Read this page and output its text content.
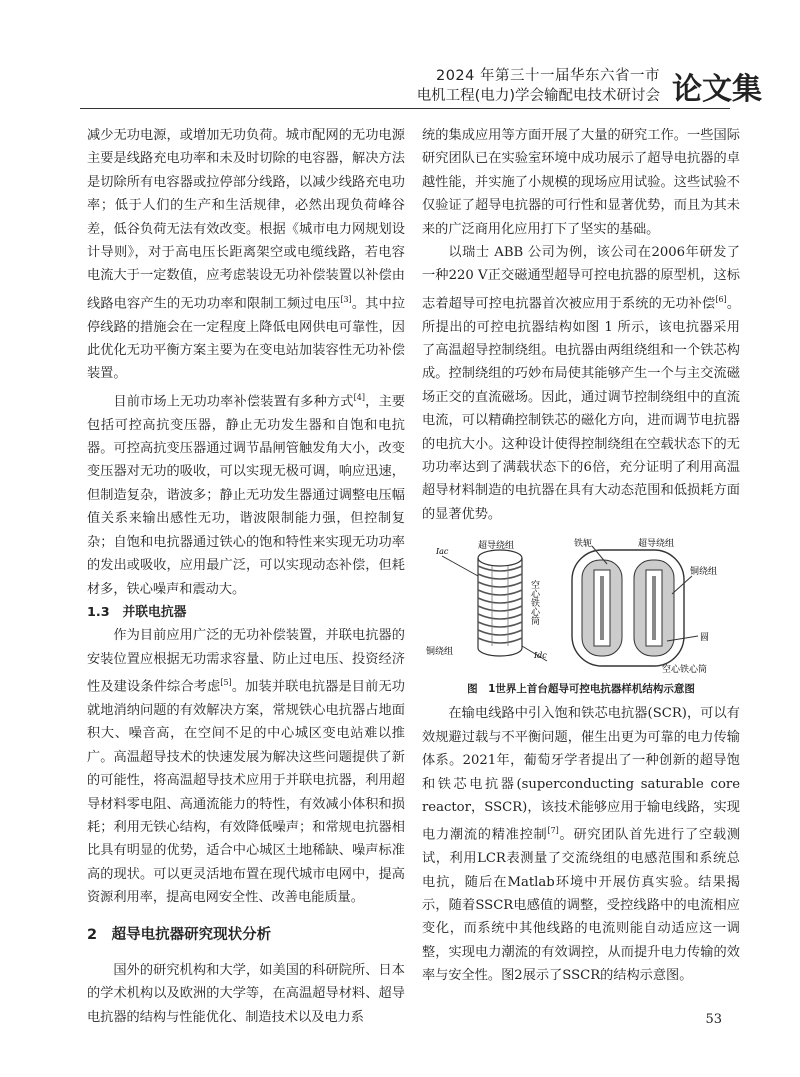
2024 年第三十一届华东六省一市
电机工程(电力)学会输配电技术研讨会 论文集

减少无功电源，或增加无功负荷。城市配网的无功电源主要是线路充电功率和未及时切除的电容器，解决方法是切除所有电容器或拉停部分线路，以减少线路充电功率；低于人们的生产和生活规律，必然出现负荷峰谷差，低谷负荷无法有效改变。根据《城市电力网规划设计导则》，对于高电压长距离架空或电缆线路，若电容电流大于一定数值，应考虑装设无功补偿装置以补偿由线路电容产生的无功功率和限制工频过电压[3]。其中拉停线路的措施会在一定程度上降低电网供电可靠性，因此优化无功平衡方案主要为在变电站加装容性无功补偿装置。

目前市场上无功功率补偿装置有多种方式[4]，主要包括可控高抗变压器，静止无功发生器和自饱和电抗器。可控高抗变压器通过调节晶闸管触发角大小，改变变压器对无功的吸收，可以实现无极可调，响应迅速，但制造复杂，谐波多；静止无功发生器通过调整电压幅值关系来输出感性无功，谐波限制能力强，但控制复杂；自饱和电抗器通过铁心的饱和特性来实现无功功率的发出或吸收，应用最广泛，可以实现动态补偿，但耗材多，铁心噪声和震动大。

1.3　并联电抗器

作为目前应用广泛的无功补偿装置，并联电抗器的安装位置应根据无功需求容量、防止过电压、投资经济性及建设条件综合考虑[5]。加装并联电抗器是目前无功就地消纳问题的有效解决方案，常规铁心电抗器占地面积大、噪音高，在空间不足的中心城区变电站难以推广。高温超导技术的快速发展为解决这些问题提供了新的可能性，将高温超导技术应用于并联电抗器，利用超导材料零电阻、高通流能力的特性，有效减小体积和损耗；利用无铁心结构，有效降低噪声；和常规电抗器相比具有明显的优势，适合中心城区土地稀缺、噪声标准高的现状。可以更灵活地布置在现代城市电网中，提高资源利用率，提高电网安全性、改善电能质量。

2　超导电抗器研究现状分析

国外的研究机构和大学，如美国的科研院所、日本的学术机构以及欧洲的大学等，在高温超导材料、超导电抗器的结构与性能优化、制造技术以及电力系

统的集成应用等方面开展了大量的研究工作。一些国际研究团队已在实验室环境中成功展示了超导电抗器的卓越性能，并实施了小规模的现场应用试验。这些试验不仅验证了超导电抗器的可行性和显著优势，而且为其未来的广泛商用化应用打下了坚实的基础。

以瑞士 ABB 公司为例，该公司在2006年研发了一种220 V正交磁通型超导可控电抗器的原型机，这标志着超导可控电抗器首次被应用于系统的无功补偿[6]。所提出的可控电抗器结构如图 1 所示，该电抗器采用了高温超导控制绕组。电抗器由两组绕组和一个铁芯构成。控制绕组的巧妙布局使其能够产生一个与主交流磁场正交的直流磁场。因此，通过调节控制绕组中的直流电流，可以精确控制铁芯的磁化方向，进而调节电抗器的电抗大小。这种设计使得控制绕组在空载状态下的无功功率达到了满载状态下的6倍，充分证明了利用高温超导材料制造的电抗器在具有大动态范围和低损耗方面的显著优势。

超导绕组
Iac
Idc
铜绕组
空心铁心筒
铁轭	超导绕组
铜绕组
圆
空心铁心筒
图　1世界上首台超导可控电抗器样机结构示意图

在输电线路中引入饱和铁芯电抗器(SCR)，可以有效规避过载与不平衡问题，催生出更为可靠的电力传输体系。2021年，葡萄牙学者提出了一种创新的超导饱和铁芯电抗器(superconducting saturable core reactor，SSCR)，该技术能够应用于输电线路，实现电力潮流的精准控制[7]。研究团队首先进行了空载测试，利用LCR表测量了交流绕组的电感范围和系统总电抗，随后在Matlab环境中开展仿真实验。结果揭示，随着SSCR电感值的调整，受控线路中的电流相应变化，而系统中其他线路的电流则能自动适应这一调整，实现电力潮流的有效调控，从而提升电力传输的效率与安全性。图2展示了SSCR的结构示意图。

53
